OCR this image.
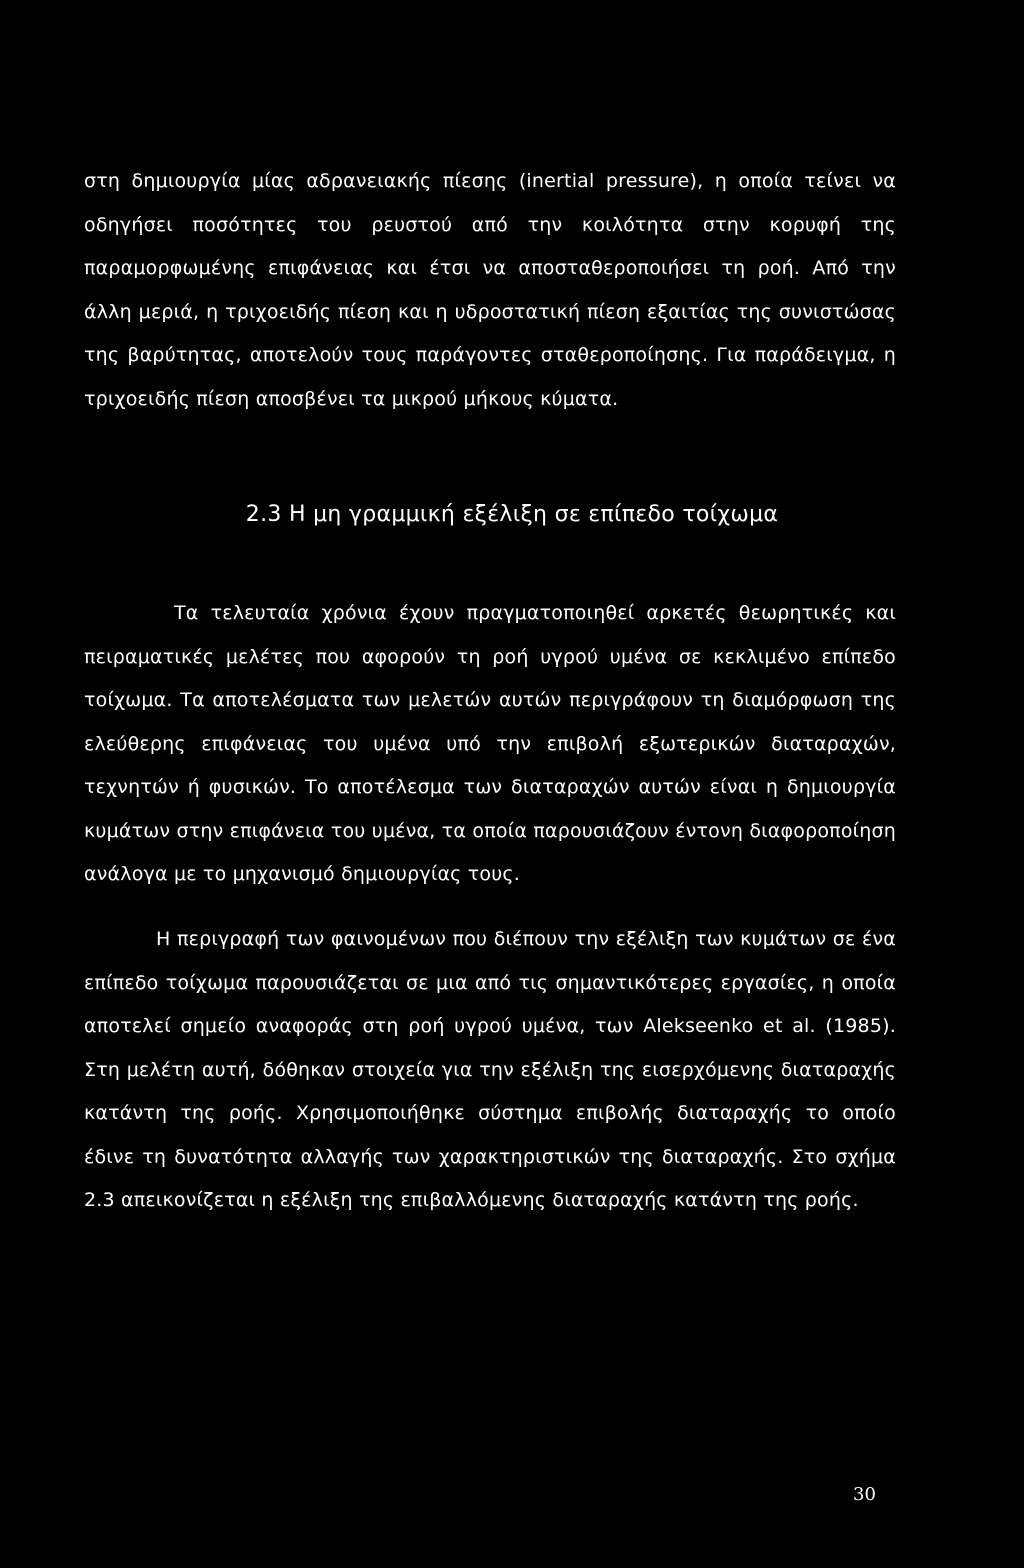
στη δημιουργία μίας αδρανειακής πίεσης (inertial pressure), η οποία τείνει να οδηγήσει ποσότητες του ρευστού από την κοιλότητα στην κορυφή της παραμορφωμένης επιφάνειας και έτσι να αποσταθεροποιήσει τη ροή. Από την άλλη μεριά, η τριχοειδής πίεση και η υδροστατική πίεση εξαιτίας της συνιστώσας της βαρύτητας, αποτελούν τους παράγοντες σταθεροποίησης. Για παράδειγμα, η τριχοειδής πίεση αποσβένει τα μικρού μήκους κύματα.

2.3 Η μη γραμμική εξέλιξη σε επίπεδο τοίχωμα

Τα τελευταία χρόνια έχουν πραγματοποιηθεί αρκετές θεωρητικές και πειραματικές μελέτες που αφορούν τη ροή υγρού υμένα σε κεκλιμένο επίπεδο τοίχωμα. Τα αποτελέσματα των μελετών αυτών περιγράφουν τη διαμόρφωση της ελεύθερης επιφάνειας του υμένα υπό την επιβολή εξωτερικών διαταραχών, τεχνητών ή φυσικών. Το αποτέλεσμα των διαταραχών αυτών είναι η δημιουργία κυμάτων στην επιφάνεια του υμένα, τα οποία παρουσιάζουν έντονη διαφοροποίηση ανάλογα με το μηχανισμό δημιουργίας τους.

Η περιγραφή των φαινομένων που διέπουν την εξέλιξη των κυμάτων σε ένα επίπεδο τοίχωμα παρουσιάζεται σε μια από τις σημαντικότερες εργασίες, η οποία αποτελεί σημείο αναφοράς στη ροή υγρού υμένα, των Alekseenko et al. (1985). Στη μελέτη αυτή, δόθηκαν στοιχεία για την εξέλιξη της εισερχόμενης διαταραχής κατάντη της ροής. Χρησιμοποιήθηκε σύστημα επιβολής διαταραχής το οποίο έδινε τη δυνατότητα αλλαγής των χαρακτηριστικών της διαταραχής. Στο σχήμα 2.3 απεικονίζεται η εξέλιξη της επιβαλλόμενης διαταραχής κατάντη της ροής.

30
